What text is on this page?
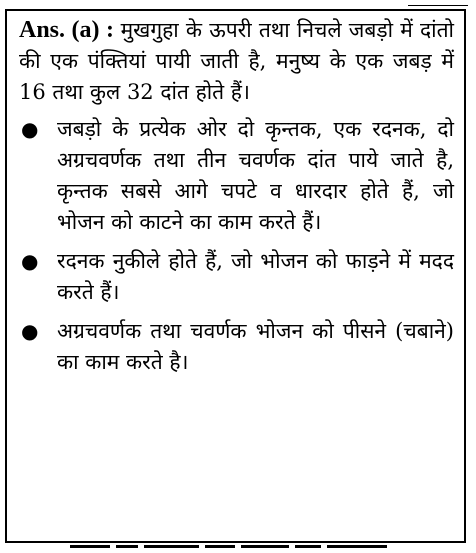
Ans. (a) : मुखगुहा के ऊपरी तथा निचले जबड़ो में दांतो की एक पंक्तियां पायी जाती है, मनुष्य के एक जबड़ में 16 तथा कुल 32 दांत होते हैं।

● जबड़ो के प्रत्येक ओर दो कृन्तक, एक रदनक, दो अग्रचवर्णक तथा तीन चवर्णक दांत पाये जाते है, कृन्तक सबसे आगे चपटे व धारदार होते हैं, जो भोजन को काटने का काम करते हैं।
● रदनक नुकीले होते हैं, जो भोजन को फाड़ने में मदद करते हैं।
● अग्रचवर्णक तथा चवर्णक भोजन को पीसने (चबाने) का काम करते है।
